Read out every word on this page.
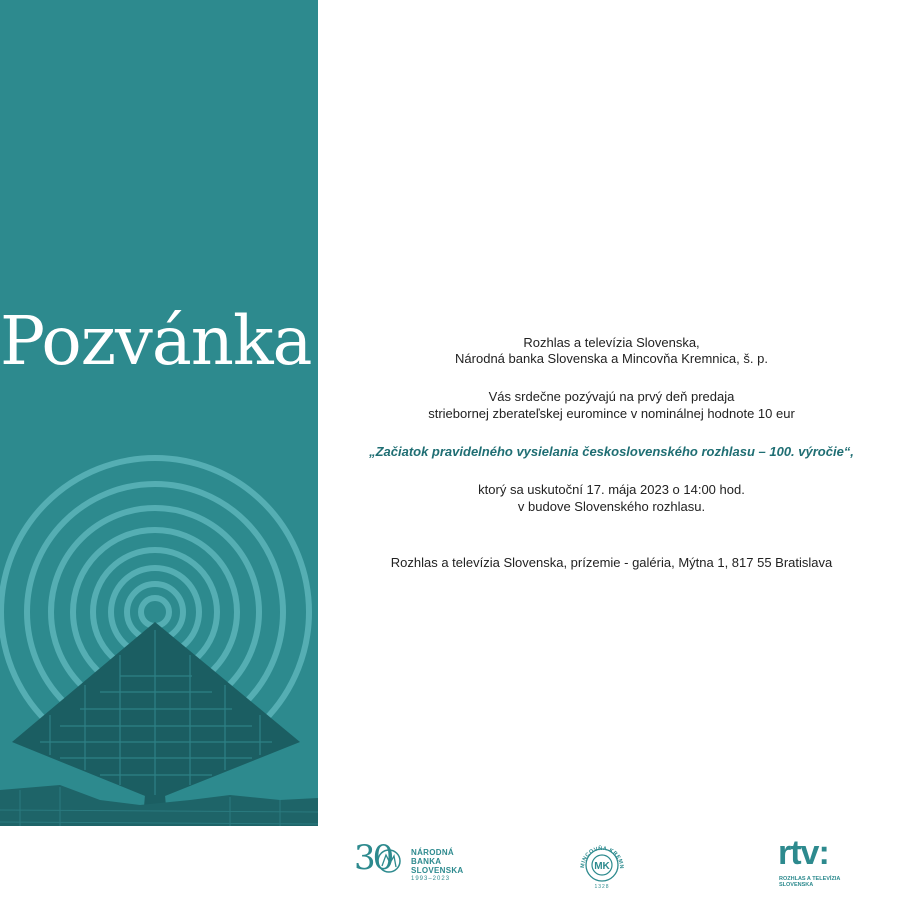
Pozvánka	Rozhlas a televízia Slovenska,
Národná banka Slovenska a Mincovňa Kremnica, š. p.
Vás srdečne pozývajú na prvý deň predaja
striebornej zberateľskej euromince v nominálnej hodnote 10 eur
„Začiatok pravidelného vysielania československého rozhlasu – 100. výročie“,
ktorý sa uskutoční 17. mája 2023 o 14:00 hod.
v budove Slovenského rozhlasu.
Rozhlas a televízia Slovenska, prízemie - galéria, Mýtna 1, 817 55 Bratislava
30 NÁRODNÁ
BANKA
SLOVENSKA
1993–2023
MINCOVŇA KREMN
MK
1328
rtv:
ROZHLAS A TELEVÍZIA
SLOVENSKA
